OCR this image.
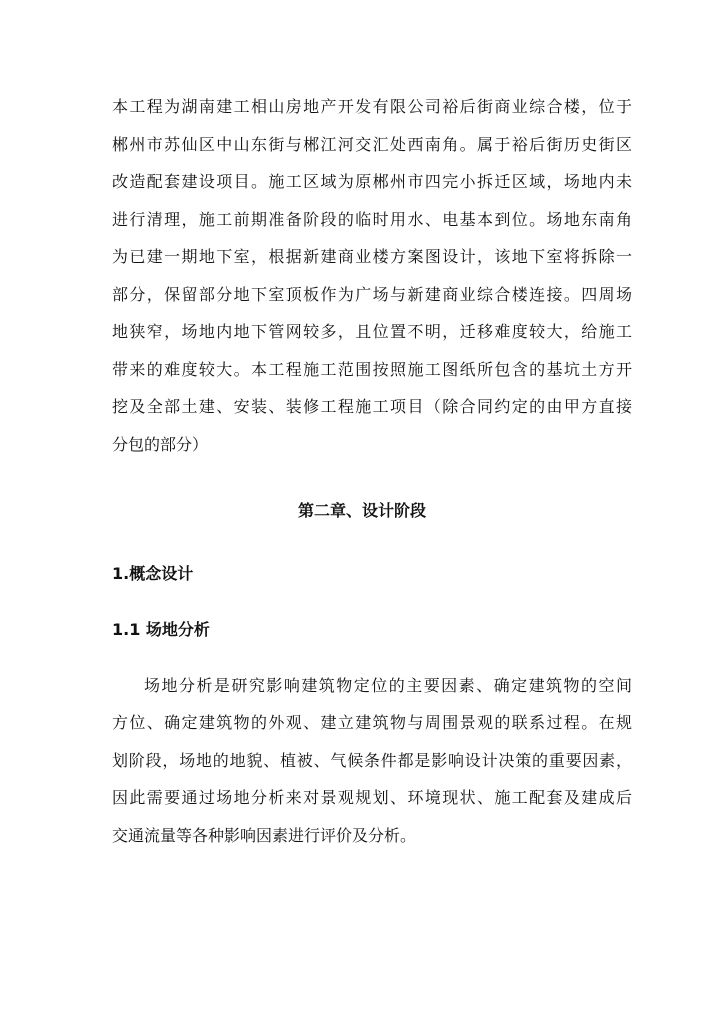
本工程为湖南建工相山房地产开发有限公司裕后街商业综合楼，位于
郴州市苏仙区中山东街与郴江河交汇处西南角。属于裕后街历史街区
改造配套建设项目。施工区域为原郴州市四完小拆迁区域，场地内未
进行清理，施工前期准备阶段的临时用水、电基本到位。场地东南角
为已建一期地下室，根据新建商业楼方案图设计，该地下室将拆除一
部分，保留部分地下室顶板作为广场与新建商业综合楼连接。四周场
地狭窄，场地内地下管网较多，且位置不明，迁移难度较大，给施工
带来的难度较大。本工程施工范围按照施工图纸所包含的基坑土方开
挖及全部土建、安装、装修工程施工项目（除合同约定的由甲方直接
分包的部分）
第二章、设计阶段
1.概念设计
1.1 场地分析
场地分析是研究影响建筑物定位的主要因素、确定建筑物的空间
方位、确定建筑物的外观、建立建筑物与周围景观的联系过程。在规
划阶段，场地的地貌、植被、气候条件都是影响设计决策的重要因素，
因此需要通过场地分析来对景观规划、环境现状、施工配套及建成后
交通流量等各种影响因素进行评价及分析。
